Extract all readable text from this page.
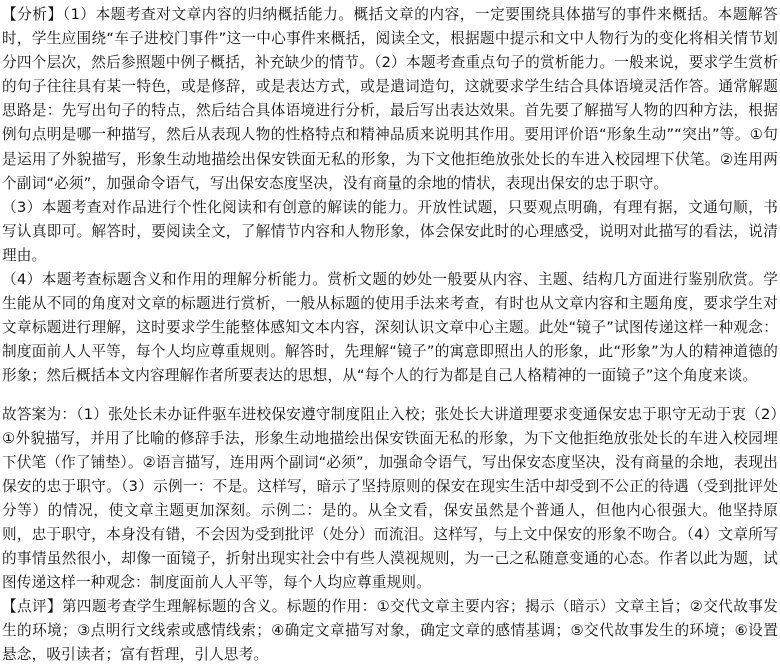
【分析】（1）本题考查对文章内容的归纳概括能力。概括文章的内容，一定要围绕具体描写的事件来概括。本题解答时，学生应围绕“车子进校门事件”这一中心事件来概括，阅读全文，根据题中提示和文中人物行为的变化将相关情节划分四个层次，然后参照题中例子概括，补充缺少的情节。（2）本题考查重点句子的赏析能力。一般来说，要求学生赏析的句子往往具有某一特色，或是修辞，或是表达方式，或是遣词造句，这就要求学生结合具体语境灵活作答。通常解题思路是：先写出句子的特点，然后结合具体语境进行分析，最后写出表达效果。首先要了解描写人物的四种方法，根据例句点明是哪一种描写，然后从表现人物的性格特点和精神品质来说明其作用。要用评价语“形象生动”“突出”等。①句是运用了外貌描写，形象生动地描绘出保安铁面无私的形象，为下文他拒绝放张处长的车进入校园埋下伏笔。②连用两个副词“必须”，加强命令语气，写出保安态度坚决，没有商量的余地的情状，表现出保安的忠于职守。

（3）本题考查对作品进行个性化阅读和有创意的解读的能力。开放性试题，只要观点明确，有理有据，文通句顺，书写认真即可。解答时，要阅读全文，了解情节内容和人物形象，体会保安此时的心理感受，说明对此描写的看法，说清理由。

（4）本题考查标题含义和作用的理解分析能力。赏析文题的妙处一般要从内容、主题、结构几方面进行鉴别欣赏。学生能从不同的角度对文章的标题进行赏析，一般从标题的使用手法来考查，有时也从文章内容和主题角度，要求学生对文章标题进行理解，这时要求学生能整体感知文本内容，深刻认识文章中心主题。此处“镜子”试图传递这样一种观念：制度面前人人平等，每个人均应尊重规则。解答时，先理解“镜子”的寓意即照出人的形象，此“形象”为人的精神道德的形象；然后概括本文内容理解作者所要表达的思想，从“每个人的行为都是自己人格精神的一面镜子”这个角度来谈。

故答案为：（1）张处长未办证件驱车进校保安遵守制度阻止入校；张处长大讲道理要求变通保安忠于职守无动于衷（2）①外貌描写，并用了比喻的修辞手法，形象生动地描绘出保安铁面无私的形象，为下文他拒绝放张处长的车进入校园埋下伏笔（作了铺垫）。②语言描写，连用两个副词“必须”，加强命令语气，写出保安态度坚决，没有商量的余地，表现出保安的忠于职守。（3）示例一：不是。这样写，暗示了坚持原则的保安在现实生活中却受到不公正的待遇（受到批评处分等）的情况，使文章主题更加深刻。示例二：是的。从全文看，保安虽然是个普通人，但他内心很强大。他坚持原则，忠于职守，本身没有错，不会因为受到批评（处分）而流泪。这样写，与上文中保安的形象不吻合。（4）文章所写的事情虽然很小，却像一面镜子，折射出现实社会中有些人漠视规则，为一己之私随意变通的心态。作者以此为题，试图传递这样一种观念：制度面前人人平等，每个人均应尊重规则。

【点评】第四题考查学生理解标题的含义。标题的作用：①交代文章主要内容；揭示（暗示）文章主旨；②交代故事发生的环境；③点明行文线索或感情线索；④确定文章描写对象，确定文章的感情基调；⑤交代故事发生的环境；⑥设置悬念，吸引读者；富有哲理，引人思考。
